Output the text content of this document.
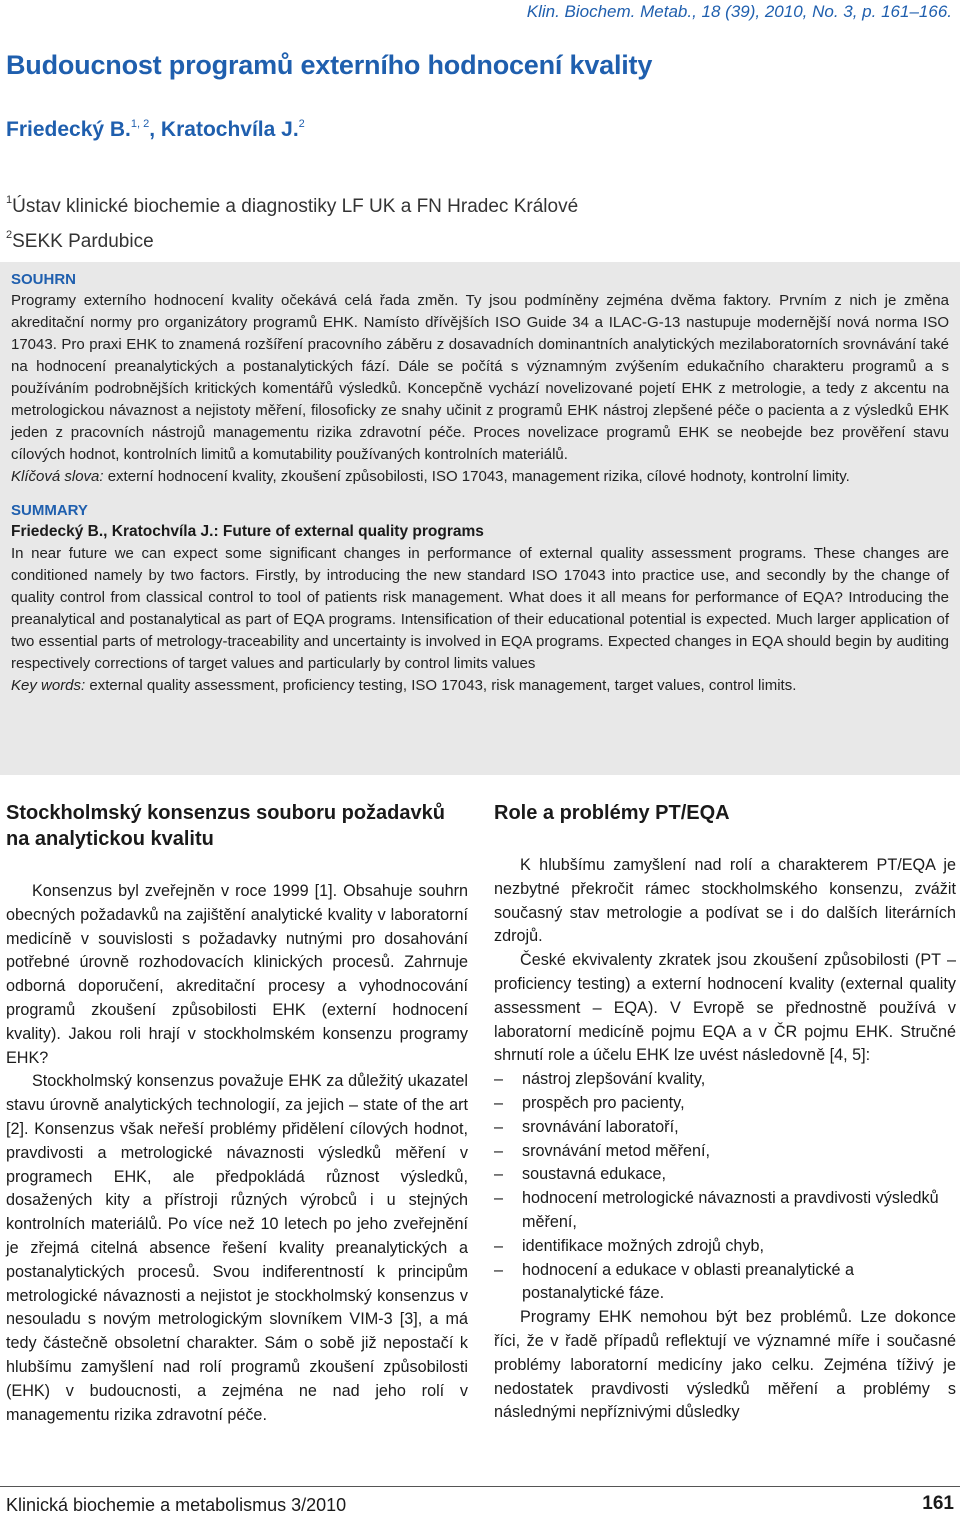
Klin. Biochem. Metab., 18 (39), 2010, No. 3, p. 161–166.
Budoucnost programů externího hodnocení kvality
Friedecký B.$^{1, 2}$, Kratochvíla J.$^2$
$^1$Ústav klinické biochemie a diagnostiky LF UK a FN Hradec Králové
$^2$SEKK Pardubice

SOUHRN

Programy externího hodnocení kvality očekává celá řada změn. Ty jsou podmíněny zejména dvěma faktory. Prvním z nich je změna akreditační normy pro organizátory programů EHK. Namísto dřívějších ISO Guide 34 a ILAC-G-13 nastupuje modernější nová norma ISO 17043. Pro praxi EHK to znamená rozšíření pracovního záběru z dosavadních dominantních analytických mezilaboratorních srovnávání také na hodnocení preanalytických a postanalytických fází. Dále se počítá s významným zvýšením edukačního charakteru programů a s používáním podrobnějších kritických komentářů výsledků. Koncepčně vychází novelizované pojetí EHK z metrologie, a tedy z akcentu na metrologickou návaznost a nejistoty měření, filosoficky ze snahy učinit z programů EHK nástroj zlepšené péče o pacienta a z výsledků EHK jeden z pracovních nástrojů managementu rizika zdravotní péče. Proces novelizace programů EHK se neobejde bez prověření stavu cílových hodnot, kontrolních limitů a komutability používaných kontrolních materiálů.

Klíčová slova: externí hodnocení kvality, zkoušení způsobilosti, ISO 17043, management rizika, cílové hodnoty, kontrolní limity.

SUMMARY

Friedecký B., Kratochvíla J.: Future of external quality programs

In near future we can expect some significant changes in performance of external quality assessment programs. These changes are conditioned namely by two factors. Firstly, by introducing the new standard ISO 17043 into practice use, and secondly by the change of quality control from classical control to tool of patients risk management. What does it all means for performance of EQA? Introducing the preanalytical and postanalytical as part of EQA programs. Intensification of their educational potential is expected. Much larger application of two essential parts of metrology-traceability and uncertainty is involved in EQA programs. Expected changes in EQA should begin by auditing respectively corrections of target values and particularly by control limits values

Key words: external quality assessment, proficiency testing, ISO 17043, risk management, target values, control limits.

Stockholmský konsenzus souboru požadavků na analytickou kvalitu

Konsenzus byl zveřejněn v roce 1999 [1]. Obsahuje souhrn obecných požadavků na zajištění analytické kvality v laboratorní medicíně v souvislosti s požadavky nutnými pro dosahování potřebné úrovně rozhodovacích klinických procesů. Zahrnuje odborná doporučení, akreditační procesy a vyhodnocování programů zkoušení způsobilosti EHK (externí hodnocení kvality). Jakou roli hrají v stockholmském konsenzu programy EHK?

Stockholmský konsenzus považuje EHK za důležitý ukazatel stavu úrovně analytických technologií, za jejich – state of the art [2]. Konsenzus však neřeší problémy přidělení cílových hodnot, pravdivosti a metrologické návaznosti výsledků měření v programech EHK, ale předpokládá různost výsledků, dosažených kity a přístroji různých výrobců i u stejných kontrolních materiálů. Po více než 10 letech po jeho zveřejnění je zřejmá citelná absence řešení kvality preanalytických a postanalytických procesů. Svou indiferentností k principům metrologické návaznosti a nejistot je stockholmský konsenzus v nesouladu s novým metrologickým slovníkem VIM-3 [3], a má tedy částečně obsoletní charakter. Sám o sobě již nepostačí k hlubšímu zamyšlení nad rolí programů zkoušení způsobilosti (EHK) v budoucnosti, a zejména ne nad jeho rolí v managementu rizika zdravotní péče.

Role a problémy PT/EQA

K hlubšímu zamyšlení nad rolí a charakterem PT/EQA je nezbytné překročit rámec stockholmského konsenzu, zvážit současný stav metrologie a podívat se i do dalších literárních zdrojů.

České ekvivalenty zkratek jsou zkoušení způsobilosti (PT – proficiency testing) a externí hodnocení kvality (external quality assessment – EQA). V Evropě se přednostně používá v laboratorní medicíně pojmu EQA a v ČR pojmu EHK. Stručné shrnutí role a účelu EHK lze uvést následovně [4, 5]:

– nástroj zlepšování kvality,
– prospěch pro pacienty,
– srovnávání laboratoří,
– srovnávání metod měření,
– soustavná edukace,
– hodnocení metrologické návaznosti a pravdivosti výsledků měření,
– identifikace možných zdrojů chyb,
– hodnocení a edukace v oblasti preanalytické a postanalytické fáze.

Programy EHK nemohou být bez problémů. Lze dokonce říci, že v řadě případů reflektují ve významné míře i současné problémy laboratorní medicíny jako celku. Zejména tíživý je nedostatek pravdivosti výsledků měření a problémy s následnými nepříznivými důsledky

Klinická biochemie a metabolismus 3/2010	161
